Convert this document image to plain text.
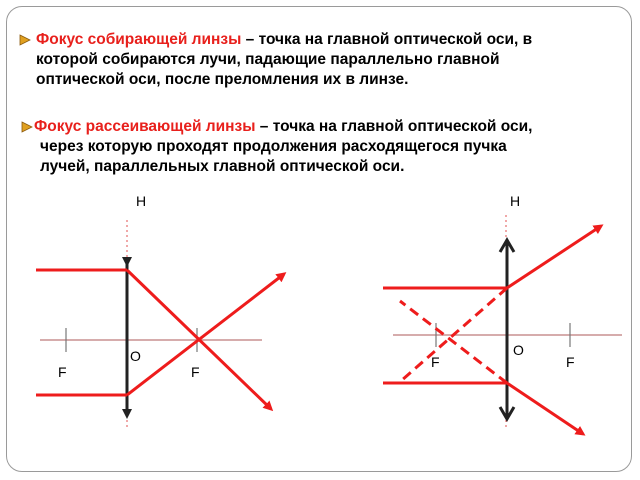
Фокус собирающей линзы – точка на главной оптической оси, в
которой собираются лучи, падающие параллельно главной
оптической оси, после преломления их в линзе.
Фокус рассеивающей линзы – точка на главной оптической оси,
через которую проходят продолжения расходящегося пучка
лучей, параллельных главной оптической оси.
Н
О
F	F
Н
О
F	F
